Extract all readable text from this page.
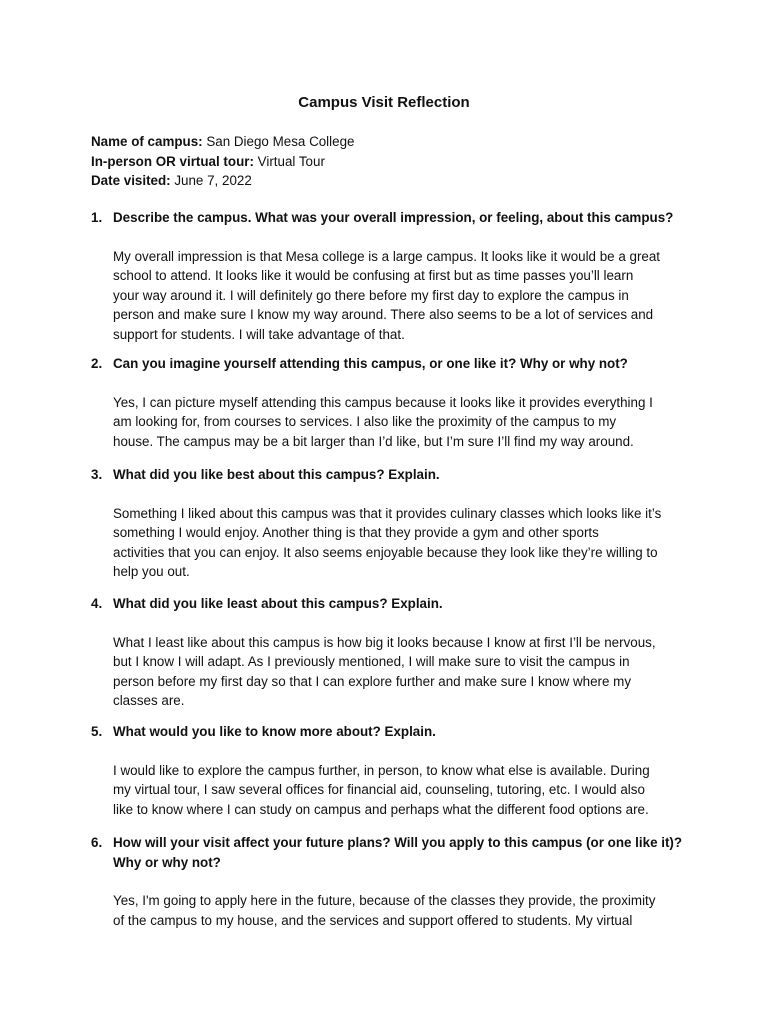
Campus Visit Reflection
Name of campus: San Diego Mesa College
In-person OR virtual tour: Virtual Tour
Date visited: June 7, 2022
1. Describe the campus. What was your overall impression, or feeling, about this campus?
My overall impression is that Mesa college is a large campus. It looks like it would be a great
school to attend. It looks like it would be confusing at first but as time passes you’ll learn
your way around it. I will definitely go there before my first day to explore the campus in
person and make sure I know my way around. There also seems to be a lot of services and
support for students. I will take advantage of that.
2. Can you imagine yourself attending this campus, or one like it? Why or why not?
Yes, I can picture myself attending this campus because it looks like it provides everything I
am looking for, from courses to services. I also like the proximity of the campus to my
house. The campus may be a bit larger than I’d like, but I’m sure I’ll find my way around.
3. What did you like best about this campus? Explain.
Something I liked about this campus was that it provides culinary classes which looks like it’s
something I would enjoy. Another thing is that they provide a gym and other sports
activities that you can enjoy. It also seems enjoyable because they look like they’re willing to
help you out.
4. What did you like least about this campus? Explain.
What I least like about this campus is how big it looks because I know at first I’ll be nervous,
but I know I will adapt. As I previously mentioned, I will make sure to visit the campus in
person before my first day so that I can explore further and make sure I know where my
classes are.
5. What would you like to know more about? Explain.
I would like to explore the campus further, in person, to know what else is available. During
my virtual tour, I saw several offices for financial aid, counseling, tutoring, etc. I would also
like to know where I can study on campus and perhaps what the different food options are.
6. How will your visit affect your future plans? Will you apply to this campus (or one like it)?
Why or why not?
Yes, I'm going to apply here in the future, because of the classes they provide, the proximity
of the campus to my house, and the services and support offered to students. My virtual
